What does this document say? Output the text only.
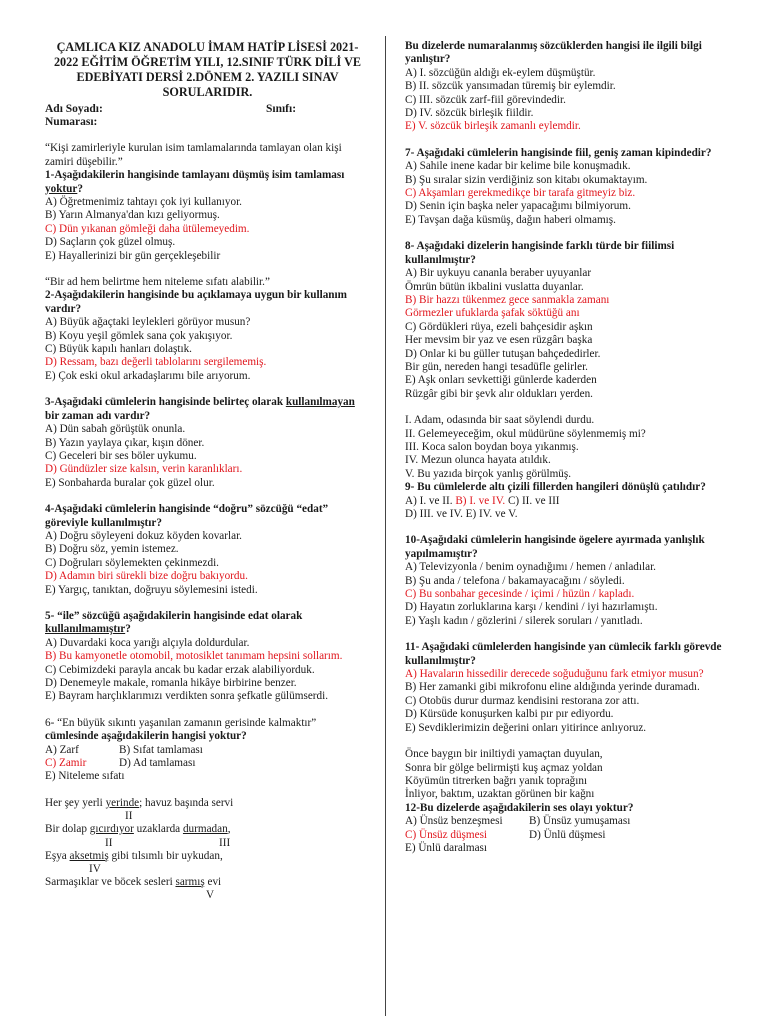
ÇAMLICA KIZ ANADOLU İMAM HATİP LİSESİ 2021-2022 EĞİTİM ÖĞRETİM YILI, 12.SINIF TÜRK DİLİ VE EDEBİYATI DERSİ 2.DÖNEM 2. YAZILI SINAV SORULARIDIR.

Adı Soyadı:	Sınıfı:

Numarası:

“Kişi zamirleriyle kurulan isim tamlamalarında tamlayan olan kişi zamiri düşebilir.”

1-Aşağıdakilerin hangisinde tamlayanı düşmüş isim tamlaması yoktur?

A) Öğretmenimiz tahtayı çok iyi kullanıyor.

B) Yarın Almanya'dan kızı geliyormuş.

C) Dün yıkanan gömleği daha ütülemeyedim.

D) Saçların çok güzel olmuş.

E) Hayallerinizi bir gün gerçekleşebilir

“Bir ad hem belirtme hem niteleme sıfatı alabilir.”

2-Aşağıdakilerin hangisinde bu açıklamaya uygun bir kullanım vardır?

A) Büyük ağaçtaki leylekleri görüyor musun?

B) Koyu yeşil gömlek sana çok yakışıyor.

C) Büyük kapılı hanları dolaştık.

D) Ressam, bazı değerli tablolarını sergilememiş.

E) Çok eski okul arkadaşlarımı bile arıyorum.

3-Aşağıdaki cümlelerin hangisinde belirteç olarak kullanılmayan bir zaman adı vardır?

A) Dün sabah görüştük onunla.

B) Yazın yaylaya çıkar, kışın döner.

C) Geceleri bir ses böler uykumu.

D) Gündüzler size kalsın, verin karanlıkları.

E) Sonbaharda buralar çok güzel olur.

4-Aşağıdaki cümlelerin hangisinde “doğru” sözcüğü “edat” göreviyle kullanılmıştır?

A) Doğru söyleyeni dokuz köyden kovarlar.

B) Doğru söz, yemin istemez.

C) Doğruları söylemekten çekinmezdi.

D) Adamın biri sürekli bize doğru bakıyordu.

E) Yargıç, tanıktan, doğruyu söylemesini istedi.

5- “ile” sözcüğü aşağıdakilerin hangisinde edat olarak kullanılmamıştır?

A) Duvardaki koca yarığı alçıyla doldurdular.

B) Bu kamyonetle otomobil, motosiklet tanımam hepsini sollarım.

C) Cebimizdeki parayla ancak bu kadar erzak alabiliyorduk.

D) Denemeyle makale, romanla hikâye birbirine benzer.

E) Bayram harçlıklarımızı verdikten sonra şefkatle gülümserdi.

6- “En büyük sıkıntı yaşanılan zamanın gerisinde kalmaktır” cümlesinde aşağıdakilerin hangisi yoktur?

A) Zarf	B) Sıfat tamlaması
C) Zamir	D) Ad tamlaması

E) Niteleme sıfatı

Her şey yerli yerinde; havuz başında servi

II

Bir dolap gıcırdıyor uzaklarda durmadan,

II	III

Eşya aksetmiş gibi tılsımlı bir uykudan,

IV

Sarmaşıklar ve böcek sesleri sarmış evi

V

Bu dizelerde numaralanmış sözcüklerden hangisi ile ilgili bilgi yanlıştır?

A) I. sözcüğün aldığı ek-eylem düşmüştür.

B) II. sözcük yansımadan türemiş bir eylemdir.

C) III. sözcük zarf-fiil görevindedir.

D) IV. sözcük birleşik fiildir.

E) V. sözcük birleşik zamanlı eylemdir.

7- Aşağıdaki cümlelerin hangisinde fiil, geniş zaman kipindedir?

A) Sahile inene kadar bir kelime bile konuşmadık.

B) Şu sıralar sizin verdiğiniz son kitabı okumaktayım.

C) Akşamları gerekmedikçe bir tarafa gitmeyiz biz.

D) Senin için başka neler yapacağımı bilmiyorum.

E) Tavşan dağa küsmüş, dağın haberi olmamış.

8- Aşağıdaki dizelerin hangisinde farklı türde bir fiilimsi kullanılmıştır?

A) Bir uykuyu cananla beraber uyuyanlar

Ömrün bütün ikbalini vuslatta duyanlar.

B) Bir hazzı tükenmez gece sanmakla zamanı

Görmezler ufuklarda şafak söktüğü anı

C) Gördükleri rüya, ezeli bahçesidir aşkın

Her mevsim bir yaz ve esen rüzgârı başka

D) Onlar ki bu güller tutuşan bahçededirler.

Bir gün, nereden hangi tesadüfle gelirler.

E) Aşk onları sevkettiği günlerde kaderden

Rüzgâr gibi bir şevk alır oldukları yerden.

I. Adam, odasında bir saat söylendi durdu.

II. Gelemeyeceğim, okul müdürüne söylenmemiş mi?

III. Koca salon boydan boya yıkanmış.

IV. Mezun olunca hayata atıldık.

V. Bu yazıda birçok yanlış görülmüş.

9- Bu cümlelerde altı çizili fillerden hangileri dönüşlü çatılıdır?

A) I. ve II. B) I. ve IV. C) II. ve III

D) III. ve IV. E) IV. ve V.

10-Aşağıdaki cümlelerin hangisinde ögelere ayırmada yanlışlık yapılmamıştır?

A) Televizyonla / benim oynadığımı / hemen / anladılar.

B) Şu anda / telefona / bakamayacağını / söyledi.

C) Bu sonbahar gecesinde / içimi / hüzün / kapladı.

D) Hayatın zorluklarına karşı / kendini / iyi hazırlamıştı.

E) Yaşlı kadın / gözlerini / silerek soruları / yanıtladı.

11- Aşağıdaki cümlelerden hangisinde yan cümlecik farklı görevde kullanılmıştır?

A) Havaların hissedilir derecede soğuduğunu fark etmiyor musun?

B) Her zamanki gibi mikrofonu eline aldığında yerinde duramadı.

C) Otobüs durur durmaz kendisini restorana zor attı.

D) Kürsüde konuşurken kalbi pır pır ediyordu.

E) Sevdiklerimizin değerini onları yitirince anlıyoruz.

Önce baygın bir iniltiydi yamaçtan duyulan,

Sonra bir gölge belirmişti kuş açmaz yoldan

Köyümün titrerken bağrı yanık toprağını

İnliyor, baktım, uzaktan görünen bir kağnı

12-Bu dizelerde aşağıdakilerin ses olayı yoktur?

A) Ünsüz benzeşmesi B) Ünsüz yumuşaması
C) Ünsüz düşmesi	D) Ünlü düşmesi

E) Ünlü daralması
